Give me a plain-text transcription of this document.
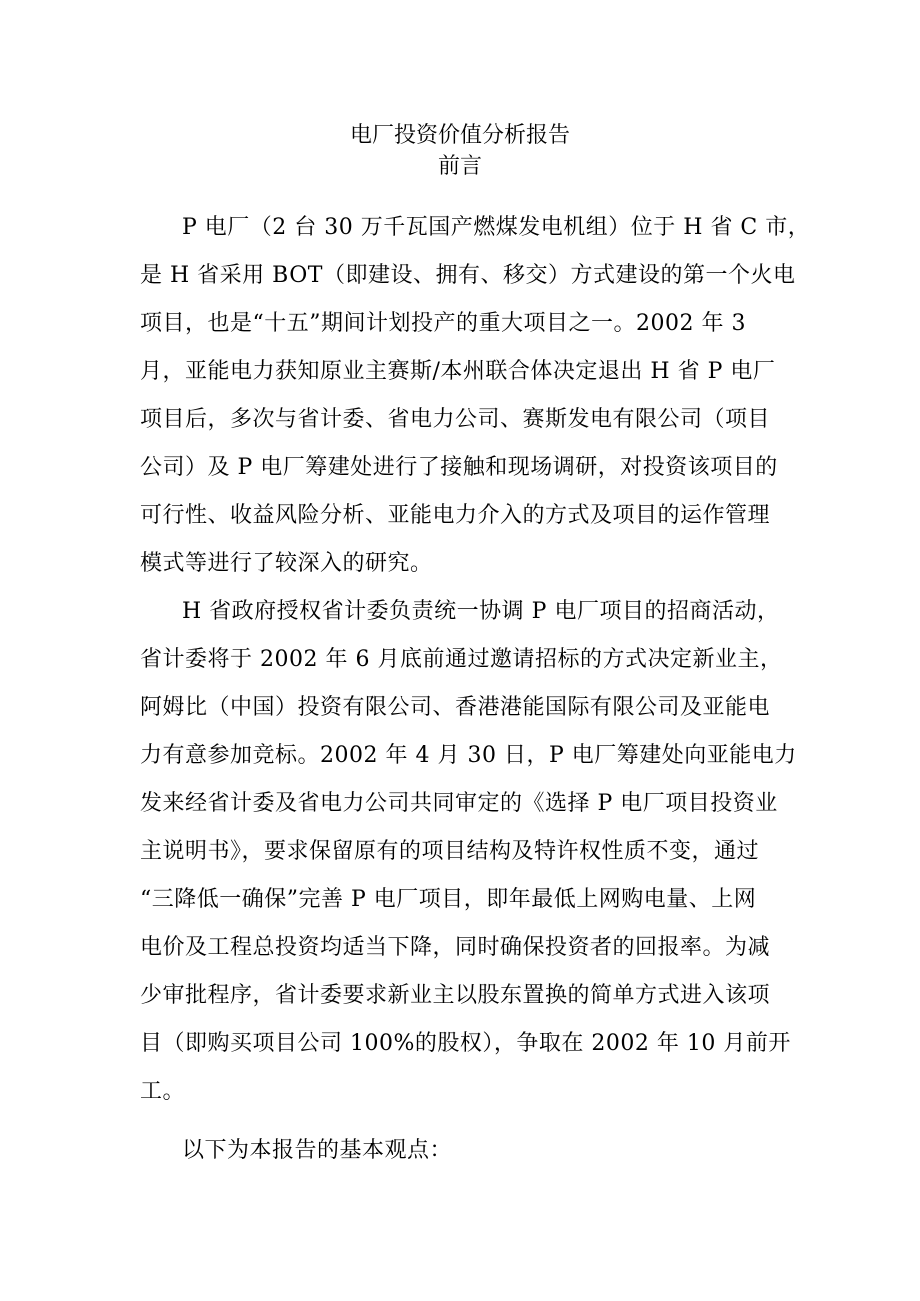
电厂投资价值分析报告
前言
P 电厂（2 台 30 万千瓦国产燃煤发电机组）位于 H 省 C 市，
是 H 省采用 BOT（即建设、拥有、移交）方式建设的第一个火电
项目，也是“十五”期间计划投产的重大项目之一。2002 年 3
月，亚能电力获知原业主赛斯/本州联合体决定退出 H 省 P 电厂
项目后，多次与省计委、省电力公司、赛斯发电有限公司（项目
公司）及 P 电厂筹建处进行了接触和现场调研，对投资该项目的
可行性、收益风险分析、亚能电力介入的方式及项目的运作管理
模式等进行了较深入的研究。
H 省政府授权省计委负责统一协调 P 电厂项目的招商活动，
省计委将于 2002 年 6 月底前通过邀请招标的方式决定新业主，
阿姆比（中国）投资有限公司、香港港能国际有限公司及亚能电
力有意参加竞标。2002 年 4 月 30 日，P 电厂筹建处向亚能电力
发来经省计委及省电力公司共同审定的《选择 P 电厂项目投资业
主说明书》，要求保留原有的项目结构及特许权性质不变，通过
“三降低一确保”完善 P 电厂项目，即年最低上网购电量、上网
电价及工程总投资均适当下降，同时确保投资者的回报率。为减
少审批程序，省计委要求新业主以股东置换的简单方式进入该项
目（即购买项目公司 100%的股权），争取在 2002 年 10 月前开
工。
以下为本报告的基本观点：
